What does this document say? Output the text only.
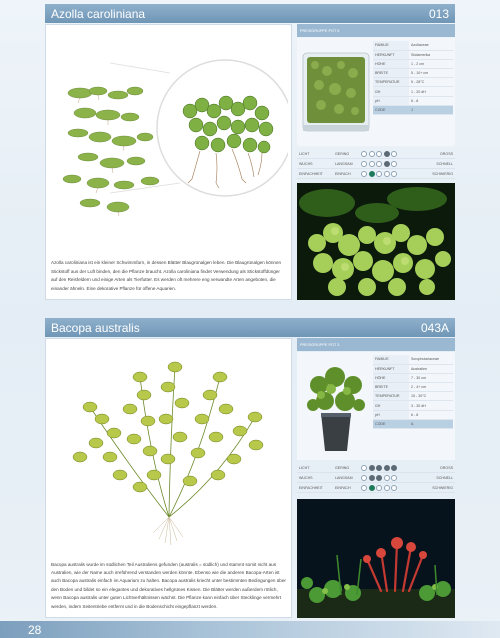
Azolla caroliniana	013
Azolla caroliniana ist ein kleiner Schwimmfarn, in dessen Blätter Blaugrünalgen leben. Die Blaugrünalgen können Stickstoff aus der Luft binden, den die Pflanze braucht. Azolla caroliniana findet Verwendung als Stickstoffdünger auf den Reisfeldern und einige Arten als Tierfutter. Es werden oft mehrere eng verwandte Arten angeboten, die einander ähneln. Eine dekorative Pflanze für offene Aquarien.
PREISGRUPPE POT 6
FAMILIE	Azollaceae
HERKUNFT	Südamerika
HÖHE	1 - 2 cm
BREITE	5 - 10+ cm
TEMPERATUR	5 - 28°C
GH	1 - 20 dH
pH	6 - 8
CODE	J
LICHT	GERING	GROSS
WUCHS	LANGSAM	SCHNELL
EINFACHHEIT	EINFACH	SCHWIERIG
Bacopa australis	043A
Bacopa australis wurde im südlichen Teil Australiens gefunden (australis = südlich) und stammt somit nicht aus Australien, wie der Name auch irreführend verstanden werden könnte. Ebenso wie die anderen Bacopa-Arten ist auch Bacopa australis einfach im Aquarium zu halten. Bacopa australis kriecht unter bestimmten Bedingungen über den Boden und bildet so ein elegantes und dekoratives hellgrünes Kissen. Die Blätter werden außerdem rötlich, wenn Bacopa australis unter guten Lichtverhältnissen wächst. Die Pflanze kann einfach über Stecklinge vermehrt werden, indem Seitentriebe entfernt und in die Bodenschicht eingepflanzt werden.
PREISGRUPPE POT 3
FAMILIE	Scrophulariaceae
HERKUNFT	Australien
HÖHE	7 - 30 cm
BREITE	2 - 4+ cm
TEMPERATUR	15 - 30°C
GH	3 - 30 dH
pH	6 - 8
CODE	A
LICHT	GERING	GROSS
WUCHS	LANGSAM	SCHNELL
EINFACHHEIT	EINFACH	SCHWIERIG
28
